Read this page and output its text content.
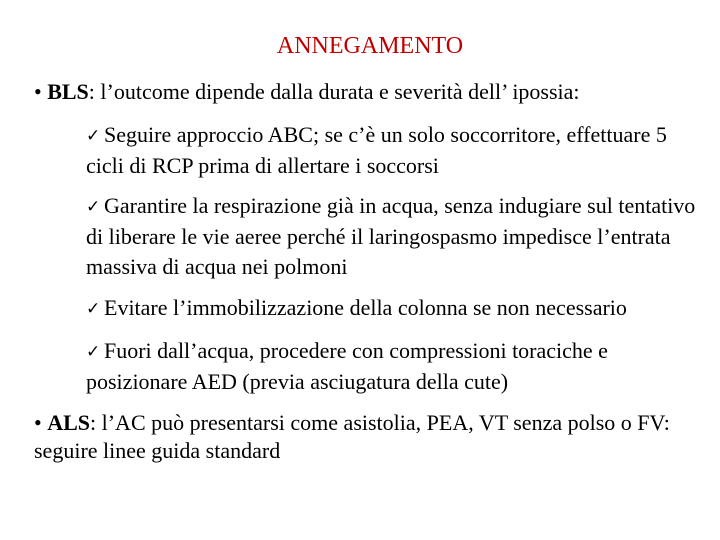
ANNEGAMENTO
• BLS: l’outcome dipende dalla durata e severità dell’ ipossia:
✓ Seguire approccio ABC; se c’è un solo soccorritore, effettuare 5 cicli di RCP prima di allertare i soccorsi
✓ Garantire la respirazione già in acqua, senza indugiare sul tentativo di liberare le vie aeree perché il laringospasmo impedisce l’entrata massiva di acqua nei polmoni
✓ Evitare l’immobilizzazione della colonna se non necessario
✓ Fuori dall’acqua, procedere con compressioni toraciche e posizionare AED (previa asciugatura della cute)
• ALS: l’AC può presentarsi come asistolia, PEA, VT senza polso o FV: seguire linee guida standard
